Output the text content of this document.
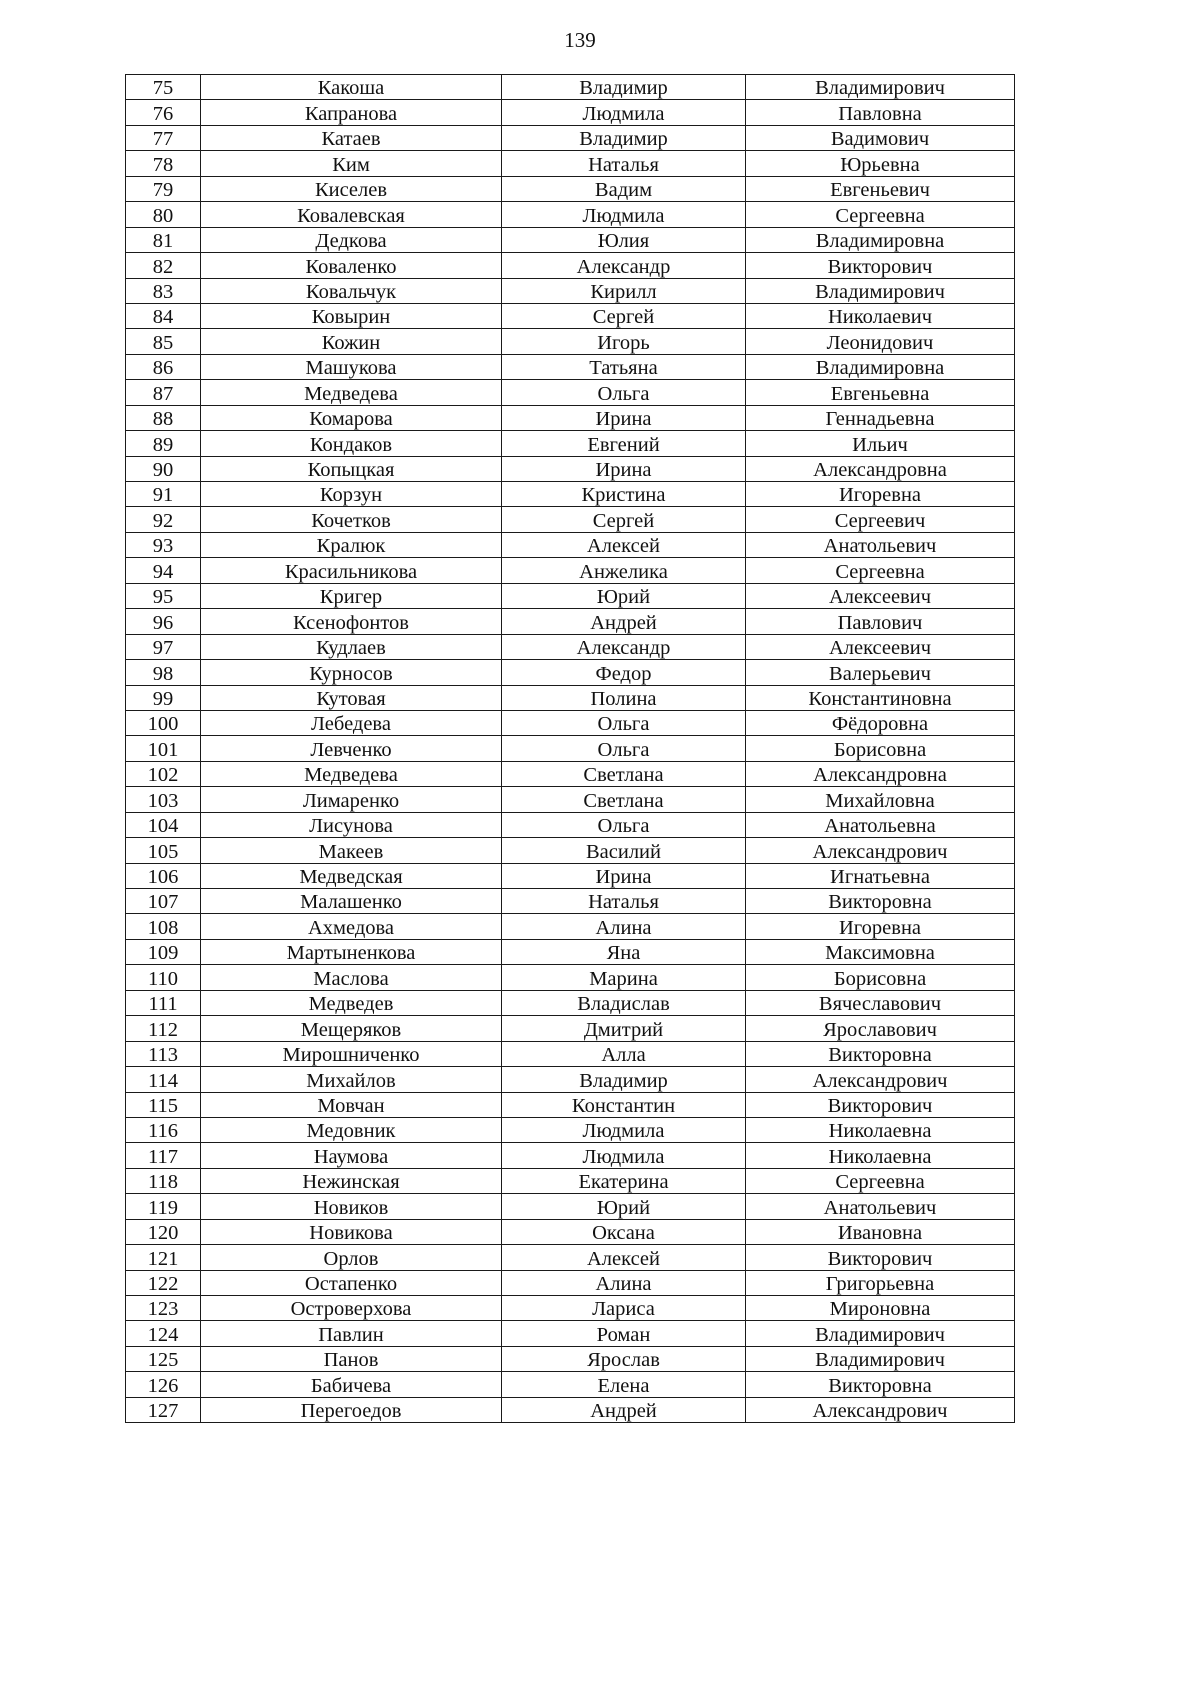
139
75	Какоша	Владимир	Владимирович
76	Капранова	Людмила	Павловна
77	Катаев	Владимир	Вадимович
78	Ким	Наталья	Юрьевна
79	Киселев	Вадим	Евгеньевич
80	Ковалевская	Людмила	Сергеевна
81	Дедкова	Юлия	Владимировна
82	Коваленко	Александр	Викторович
83	Ковальчук	Кирилл	Владимирович
84	Ковырин	Сергей	Николаевич
85	Кожин	Игорь	Леонидович
86	Машукова	Татьяна	Владимировна
87	Медведева	Ольга	Евгеньевна
88	Комарова	Ирина	Геннадьевна
89	Кондаков	Евгений	Ильич
90	Копыцкая	Ирина	Александровна
91	Корзун	Кристина	Игоревна
92	Кочетков	Сергей	Сергеевич
93	Кралюк	Алексей	Анатольевич
94	Красильникова	Анжелика	Сергеевна
95	Кригер	Юрий	Алексеевич
96	Ксенофонтов	Андрей	Павлович
97	Кудлаев	Александр	Алексеевич
98	Курносов	Федор	Валерьевич
99	Кутовая	Полина	Константиновна
100	Лебедева	Ольга	Фёдоровна
101	Левченко	Ольга	Борисовна
102	Медведева	Светлана	Александровна
103	Лимаренко	Светлана	Михайловна
104	Лисунова	Ольга	Анатольевна
105	Макеев	Василий	Александрович
106	Медведская	Ирина	Игнатьевна
107	Малашенко	Наталья	Викторовна
108	Ахмедова	Алина	Игоревна
109	Мартыненкова	Яна	Максимовна
110	Маслова	Марина	Борисовна
111	Медведев	Владислав	Вячеславович
112	Мещеряков	Дмитрий	Ярославович
113	Мирошниченко	Алла	Викторовна
114	Михайлов	Владимир	Александрович
115	Мовчан	Константин	Викторович
116	Медовник	Людмила	Николаевна
117	Наумова	Людмила	Николаевна
118	Нежинская	Екатерина	Сергеевна
119	Новиков	Юрий	Анатольевич
120	Новикова	Оксана	Ивановна
121	Орлов	Алексей	Викторович
122	Остапенко	Алина	Григорьевна
123	Островерхова	Лариса	Мироновна
124	Павлин	Роман	Владимирович
125	Панов	Ярослав	Владимирович
126	Бабичева	Елена	Викторовна
127	Перегоедов	Андрей	Александрович
